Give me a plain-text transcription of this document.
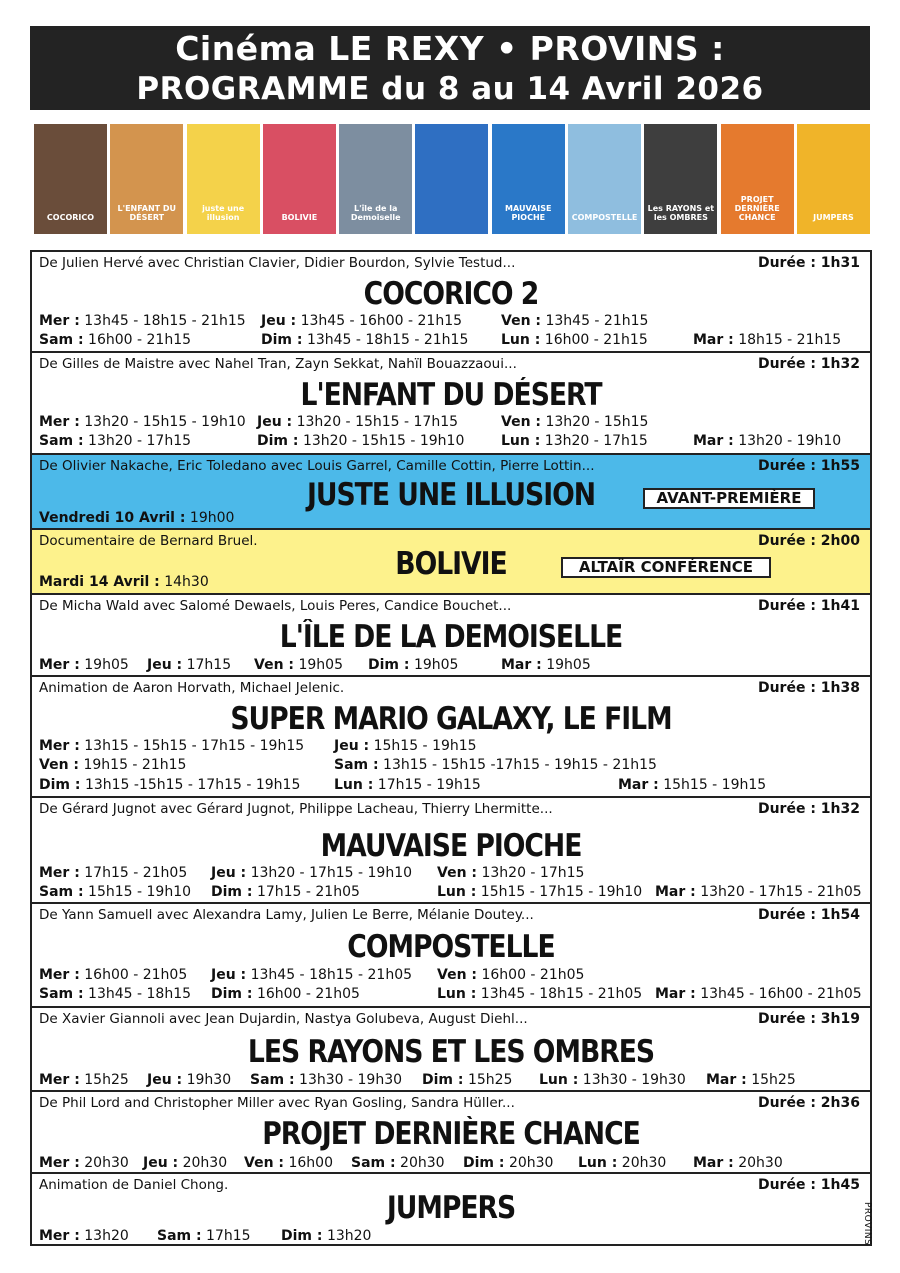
Cinéma LE REXY • PROVINS :
PROGRAMME du 8 au 14 Avril 2026
COCORICO
L'ENFANT DU DÉSERT
juste une illusion	BOLIVIE
L'île de la Demoiselle
MAUVAISE PIOCHE	COMPOSTELLE
Les RAYONS et les OMBRES
PROJET DERNIÈRE CHANCE	JUMPERS
De Julien Hervé avec Christian Clavier, Didier Bourdon, Sylvie Testud...	Durée : 1h31
COCORICO 2
Mer : 13h45 - 18h15 - 21h15 Jeu : 13h45 - 16h00 - 21h15	Ven : 13h45 - 21h15
Sam : 16h00 - 21h15	Dim : 13h45 - 18h15 - 21h15 Lun : 16h00 - 21h15	Mar : 18h15 - 21h15
De Gilles de Maistre avec Nahel Tran, Zayn Sekkat, Nahïl Bouazzaoui...	Durée : 1h32
L'ENFANT DU DÉSERT
Mer : 13h20 - 15h15 - 19h10 Jeu : 13h20 - 15h15 - 17h15	Ven : 13h20 - 15h15
Sam : 13h20 - 17h15	Dim : 13h20 - 15h15 - 19h10	Lun : 13h20 - 17h15	Mar : 13h20 - 19h10
De Olivier Nakache, Eric Toledano avec Louis Garrel, Camille Cottin, Pierre Lottin...	Durée : 1h55
JUSTE UNE ILLUSION	AVANT-PREMIÈRE
Vendredi 10 Avril : 19h00
Documentaire de Bernard Bruel.	Durée : 2h00
BOLIVIE	ALTAÏR CONFÉRENCE
Mardi 14 Avril : 14h30
De Micha Wald avec Salomé Dewaels, Louis Peres, Candice Bouchet...	Durée : 1h41
L'ÎLE DE LA DEMOISELLE
Mer : 19h05 Jeu : 17h15 Ven : 19h05 Dim : 19h05	Mar : 19h05
Animation de Aaron Horvath, Michael Jelenic.	Durée : 1h38
SUPER MARIO GALAXY, LE FILM
Mer : 13h15 - 15h15 - 17h15 - 19h15 Jeu : 15h15 - 19h15
Ven : 19h15 - 21h15	Sam : 13h15 - 15h15 -17h15 - 19h15 - 21h15
Dim : 13h15 -15h15 - 17h15 - 19h15 Lun : 17h15 - 19h15	Mar : 15h15 - 19h15
De Gérard Jugnot avec Gérard Jugnot, Philippe Lacheau, Thierry Lhermitte...	Durée : 1h32
MAUVAISE PIOCHE
Mer : 17h15 - 21h05 Jeu : 13h20 - 17h15 - 19h10 Ven : 13h20 - 17h15
Sam : 15h15 - 19h10 Dim : 17h15 - 21h05	Lun : 15h15 - 17h15 - 19h10 Mar : 13h20 - 17h15 - 21h05
De Yann Samuell avec Alexandra Lamy, Julien Le Berre, Mélanie Doutey...	Durée : 1h54
COMPOSTELLE
Mer : 16h00 - 21h05 Jeu : 13h45 - 18h15 - 21h05 Ven : 16h00 - 21h05
Sam : 13h45 - 18h15 Dim : 16h00 - 21h05	Lun : 13h45 - 18h15 - 21h05 Mar : 13h45 - 16h00 - 21h05
De Xavier Giannoli avec Jean Dujardin, Nastya Golubeva, August Diehl...	Durée : 3h19
LES RAYONS ET LES OMBRES
Mer : 15h25 Jeu : 19h30 Sam : 13h30 - 19h30 Dim : 15h25 Lun : 13h30 - 19h30 Mar : 15h25
De Phil Lord and Christopher Miller avec Ryan Gosling, Sandra Hüller...	Durée : 2h36
PROJET DERNIÈRE CHANCE
Mer : 20h30 Jeu : 20h30 Ven : 16h00 Sam : 20h30 Dim : 20h30 Lun : 20h30 Mar : 20h30
Animation de Daniel Chong.	Durée : 1h45
JUMPERS
Mer : 13h20 Sam : 17h15 Dim : 13h20	PROVINS
